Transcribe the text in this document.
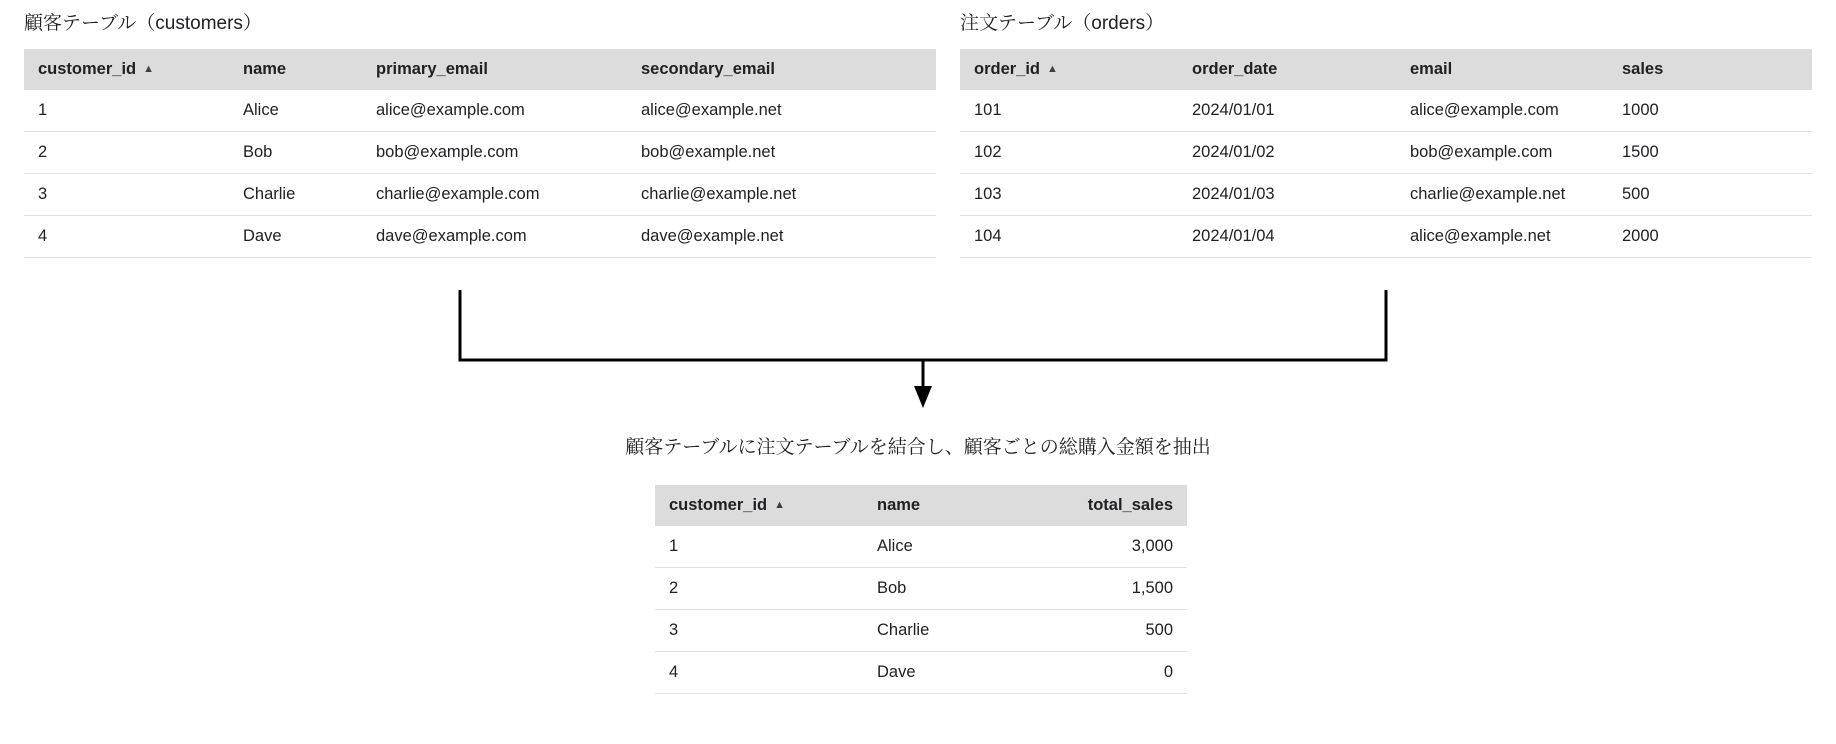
顧客テーブル（customers）
customer_id ▲	name	primary_email	secondary_email
1	Alice	alice@example.com	alice@example.net
2	Bob	bob@example.com	bob@example.net
3	Charlie	charlie@example.com	charlie@example.net
4	Dave	dave@example.com	dave@example.net
注文テーブル（orders）
order_id ▲	order_date	email	sales
101	2024/01/01	alice@example.com	1000
102	2024/01/02	bob@example.com	1500
103	2024/01/03	charlie@example.net	500
104	2024/01/04	alice@example.net	2000
顧客テーブルに注文テーブルを結合し、顧客ごとの総購入金額を抽出
customer_id ▲	name	total_sales
1	Alice	3,000
2	Bob	1,500
3	Charlie	500
4	Dave	0
